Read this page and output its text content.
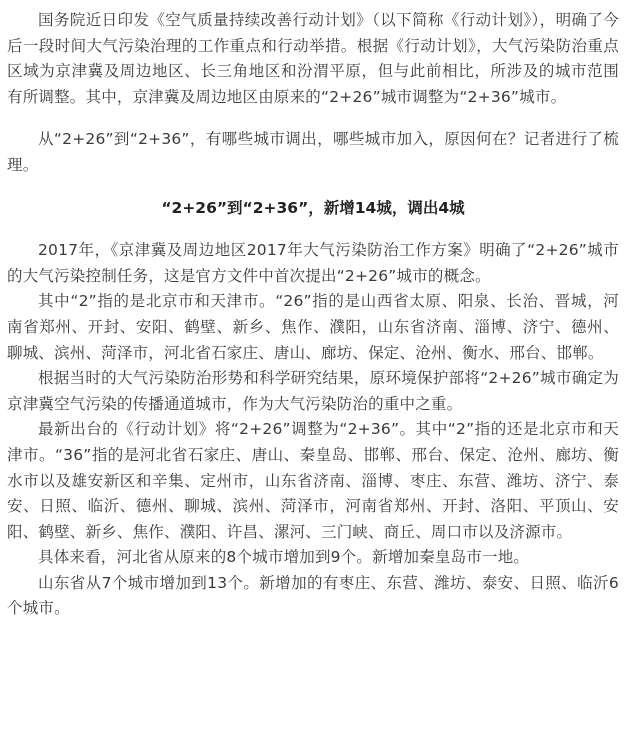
国务院近日印发《空气质量持续改善行动计划》（以下简称《行动计划》），明确了今后一段时间大气污染治理的工作重点和行动举措。根据《行动计划》，大气污染防治重点区域为京津冀及周边地区、长三角地区和汾渭平原，但与此前相比，所涉及的城市范围有所调整。其中，京津冀及周边地区由原来的“2+26”城市调整为“2+36”城市。

从“2+26”到“2+36”，有哪些城市调出，哪些城市加入，原因何在？记者进行了梳理。

“2+26”到“2+36”，新增14城，调出4城

2017年，《京津冀及周边地区2017年大气污染防治工作方案》明确了“2+26”城市的大气污染控制任务，这是官方文件中首次提出“2+26”城市的概念。

其中“2”指的是北京市和天津市。“26”指的是山西省太原、阳泉、长治、晋城，河南省郑州、开封、安阳、鹤壁、新乡、焦作、濮阳，山东省济南、淄博、济宁、德州、聊城、滨州、菏泽市，河北省石家庄、唐山、廊坊、保定、沧州、衡水、邢台、邯郸。

根据当时的大气污染防治形势和科学研究结果，原环境保护部将“2+26”城市确定为京津冀空气污染的传播通道城市，作为大气污染防治的重中之重。

最新出台的《行动计划》将“2+26”调整为“2+36”。其中“2”指的还是北京市和天津市。“36”指的是河北省石家庄、唐山、秦皇岛、邯郸、邢台、保定、沧州、廊坊、衡水市以及雄安新区和辛集、定州市，山东省济南、淄博、枣庄、东营、潍坊、济宁、泰安、日照、临沂、德州、聊城、滨州、菏泽市，河南省郑州、开封、洛阳、平顶山、安阳、鹤壁、新乡、焦作、濮阳、许昌、漯河、三门峡、商丘、周口市以及济源市。

具体来看，河北省从原来的8个城市增加到9个。新增加秦皇岛市一地。

山东省从7个城市增加到13个。新增加的有枣庄、东营、潍坊、泰安、日照、临沂6个城市。
